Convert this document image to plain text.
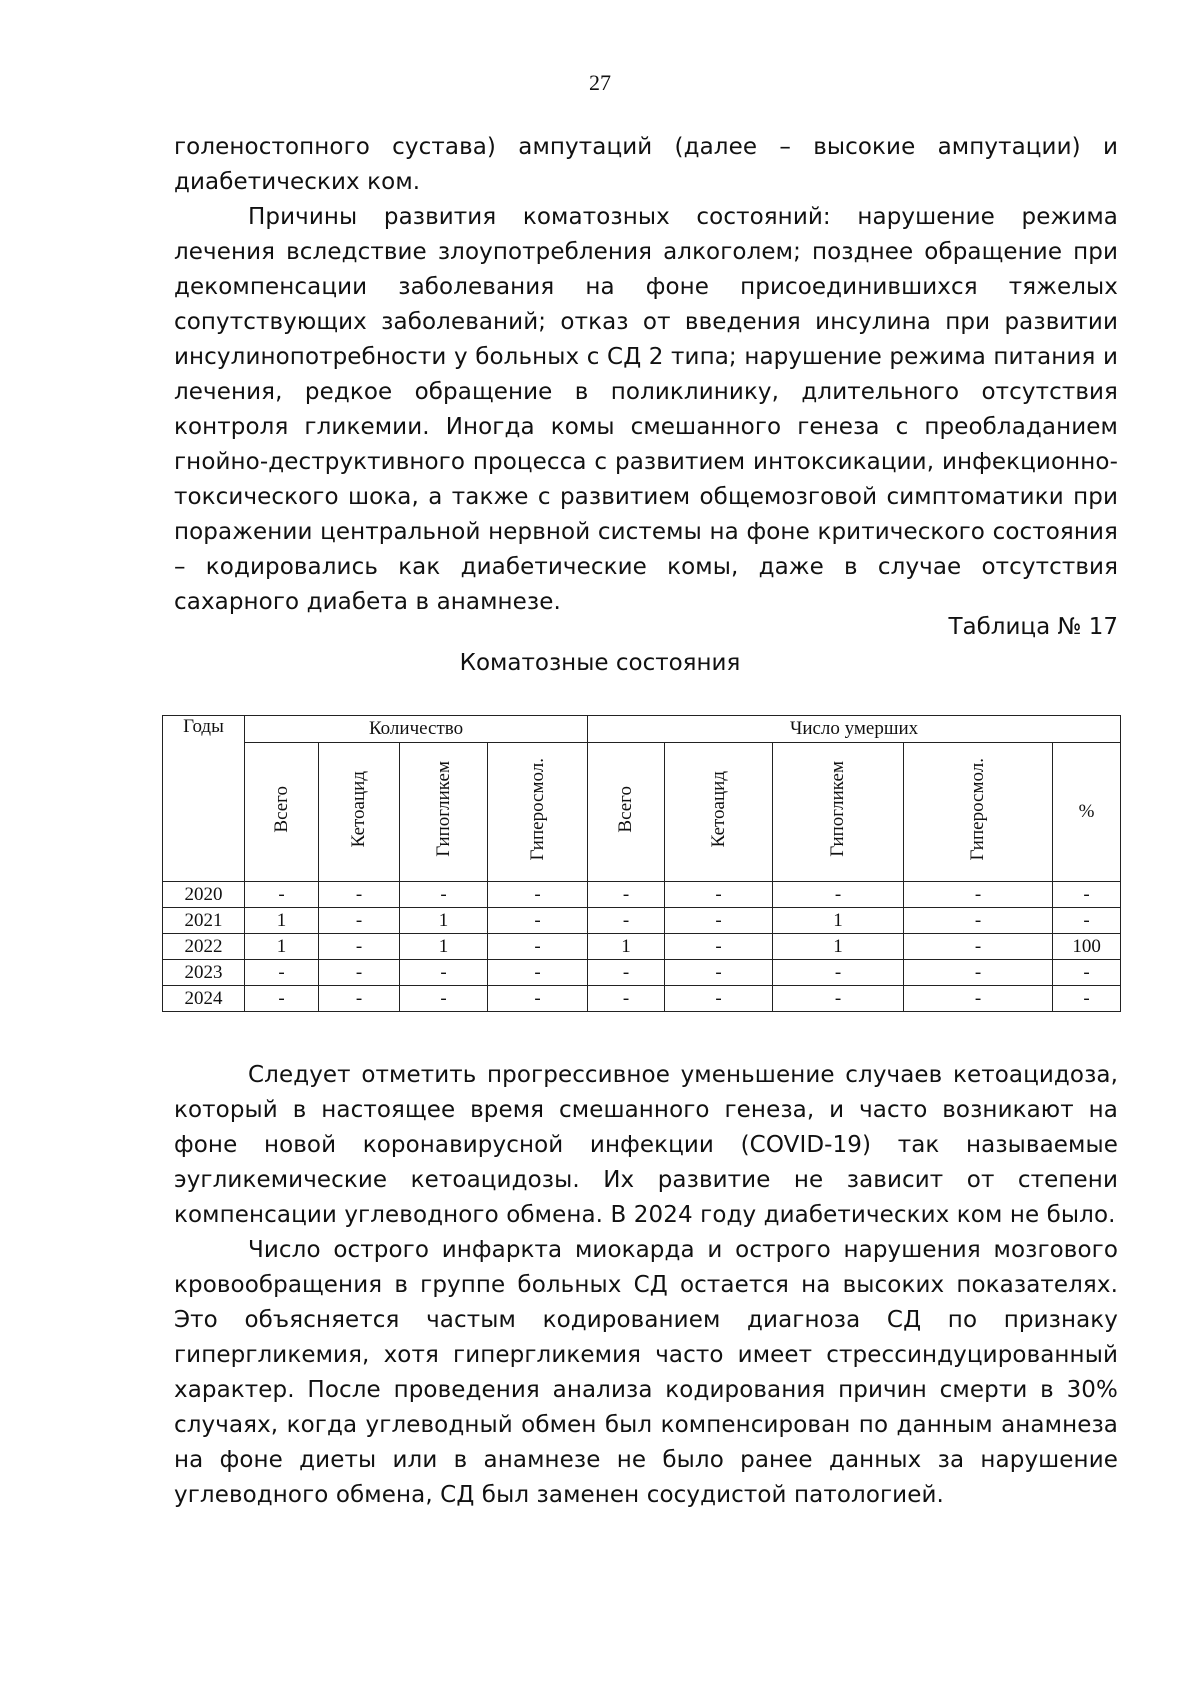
27

голеностопного сустава) ампутаций (далее – высокие ампутации) и диабетических ком.

Причины развития коматозных состояний: нарушение режима лечения вследствие злоупотребления алкоголем; позднее обращение при декомпенсации заболевания на фоне присоединившихся тяжелых сопутствующих заболеваний; отказ от введения инсулина при развитии инсулинопотребности у больных с СД 2 типа; нарушение режима питания и лечения, редкое обращение в поликлинику, длительного отсутствия контроля гликемии. Иногда комы смешанного генеза с преобладанием гнойно-деструктивного процесса с развитием интоксикации, инфекционно-токсического шока, а также с развитием общемозговой симптоматики при поражении центральной нервной системы на фоне критического состояния – кодировались как диабетические комы, даже в случае отсутствия сахарного диабета в анамнезе.

Таблица № 17
Коматозные состояния
Годы	Количество				Число умерших				
	Всего	Кетоацид	Гипогликем	Гиперосмол.	Всего	Кетоацид	Гипогликем	Гиперосмол.	%
2020	-	-	-	-	-	-	-	-	-
2021	1	-	1	-	-	-	1	-	-
2022	1	-	1	-	1	-	1	-	100
2023	-	-	-	-	-	-	-	-	-
2024	-	-	-	-	-	-	-	-	-

Следует отметить прогрессивное уменьшение случаев кетоацидоза, который в настоящее время смешанного генеза, и часто возникают на фоне новой коронавирусной инфекции (COVID-19) так называемые эугликемические кетоацидозы. Их развитие не зависит от степени компенсации углеводного обмена. В 2024 году диабетических ком не было.

Число острого инфаркта миокарда и острого нарушения мозгового кровообращения в группе больных СД остается на высоких показателях. Это объясняется частым кодированием диагноза СД по признаку гипергликемия, хотя гипергликемия часто имеет стрессиндуцированный характер. После проведения анализа кодирования причин смерти в 30% случаях, когда углеводный обмен был компенсирован по данным анамнеза на фоне диеты или в анамнезе не было ранее данных за нарушение углеводного обмена, СД был заменен сосудистой патологией.
